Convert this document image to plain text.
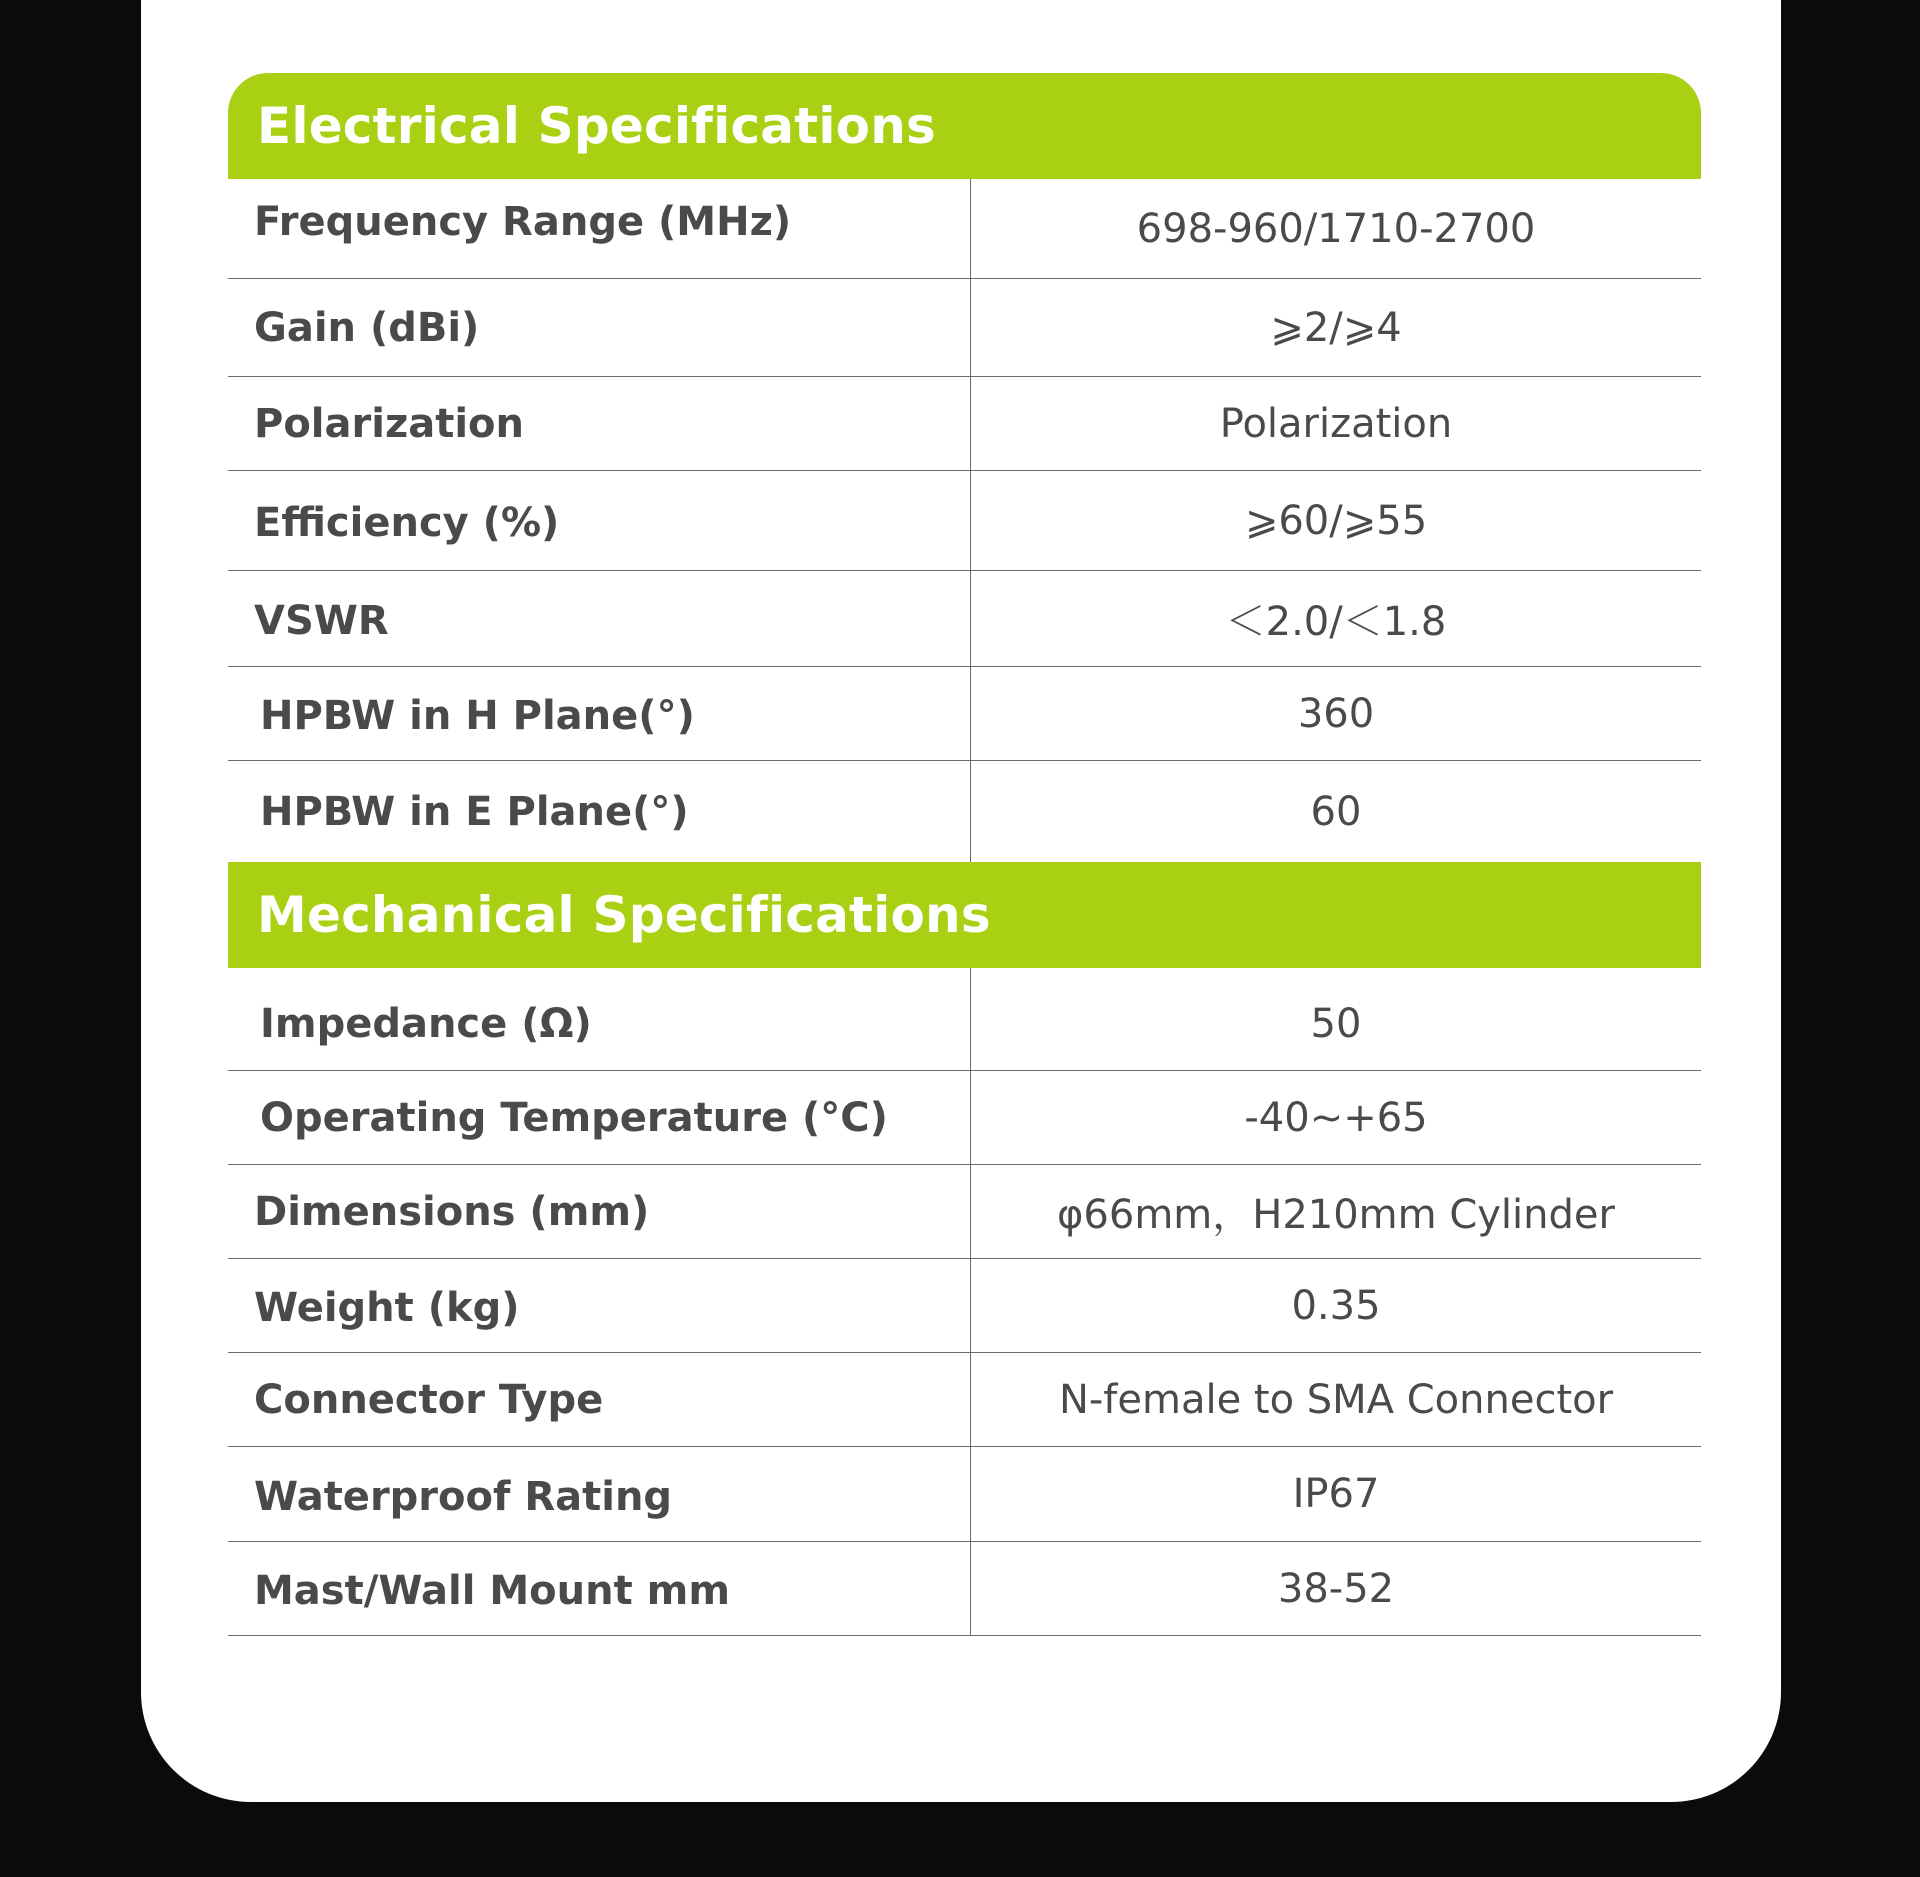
Electrical Specifications
Frequency Range (MHz)	698-960/1710-2700
Gain (dBi)	⩾2/⩾4
Polarization	Polarization
Efficiency (%)	⩾60/⩾55
VSWR	＜2.0/＜1.8
HPBW in H Plane(°)	360
HPBW in E Plane(°)	60
Mechanical Specifications
Impedance (Ω)	50
Operating Temperature (°C)	-40~+65
Dimensions (mm)	φ66mm，H210mm Cylinder
Weight (kg)	0.35
Connector Type	N-female to SMA Connector
Waterproof Rating	IP67
Mast/Wall Mount mm	38-52
